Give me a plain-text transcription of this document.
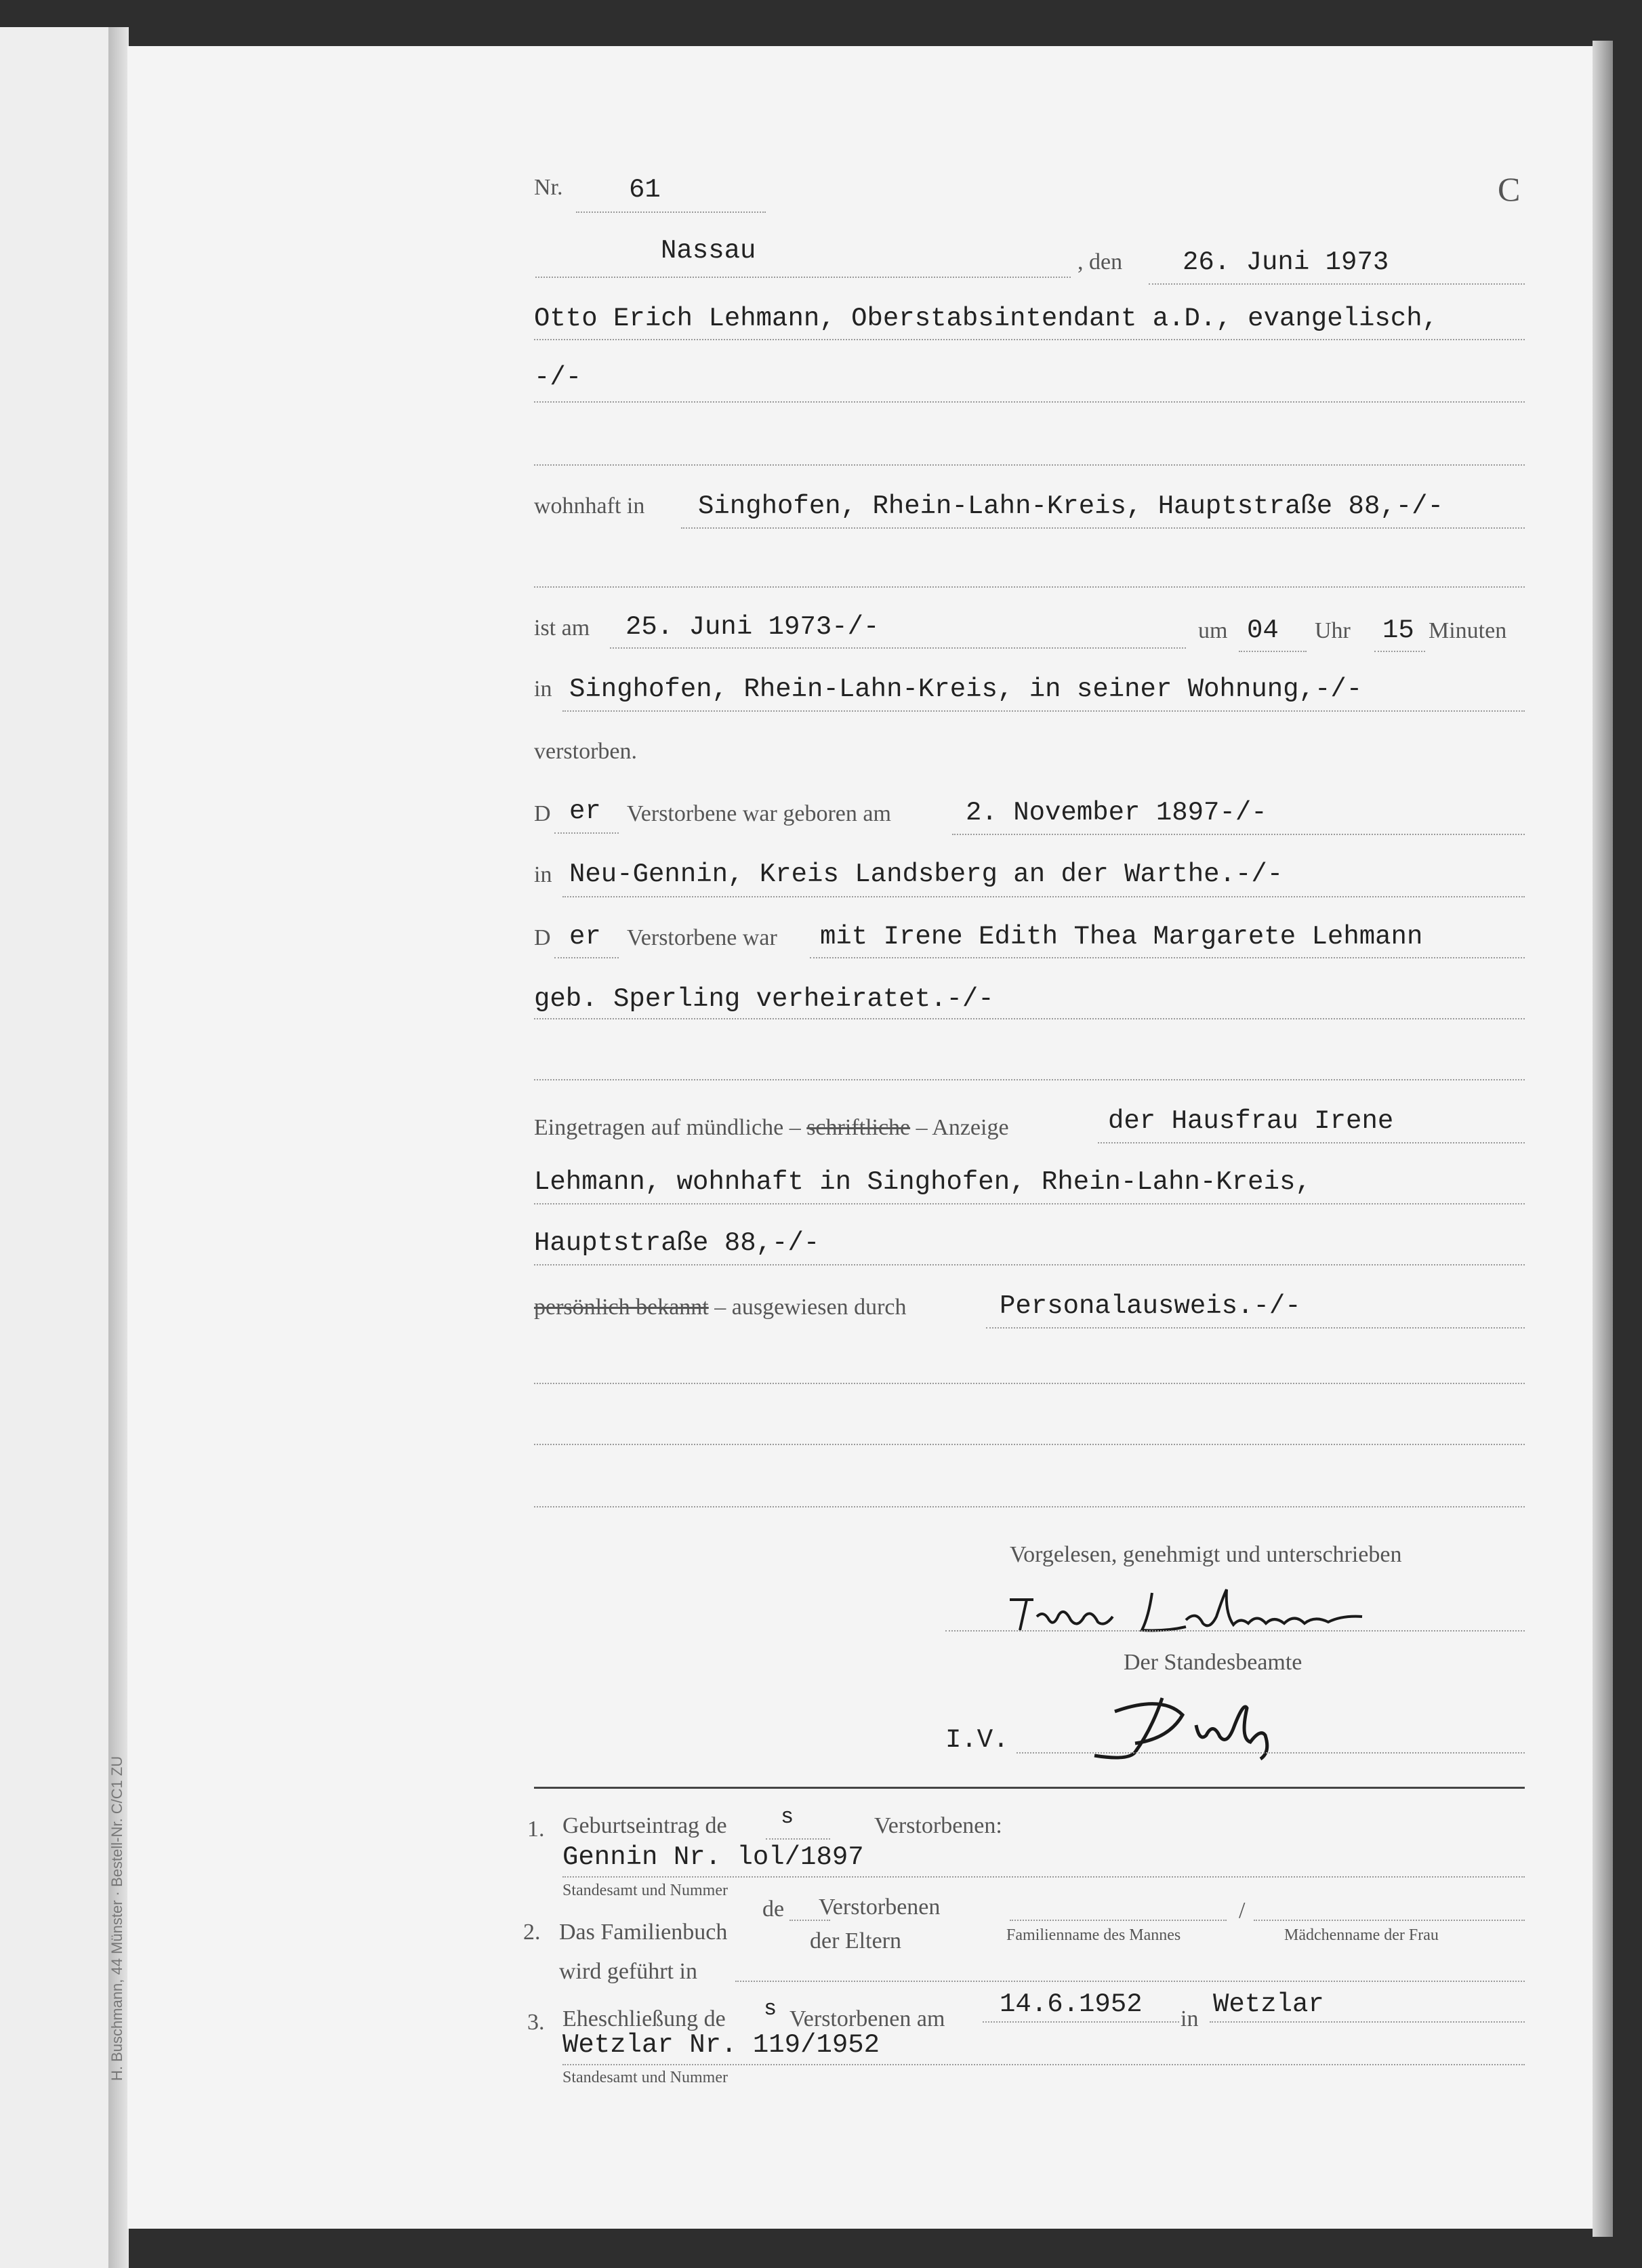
H. Buschmann, 44 Münster · Bestell-Nr. C/C1 ZU
Nr.	61	C
Nassau	, den 26. Juni 1973
Otto Erich Lehmann, Oberstabsintendant a.D., evangelisch,
-/-
wohnhaft in Singhofen, Rhein-Lahn-Kreis, Hauptstraße 88,-/-
ist am 25. Juni 1973-/-	um 04 Uhr 15 Minuten
in Singhofen, Rhein-Lahn-Kreis, in seiner Wohnung,-/-
verstorben.
D er Verstorbene war geboren am	2. November 1897-/-
in Neu-Gennin, Kreis Landsberg an der Warthe.-/-
D er Verstorbene war mit Irene Edith Thea Margarete Lehmann
geb. Sperling verheiratet.-/-
Eingetragen auf mündliche – schriftliche – Anzeige	der Hausfrau Irene
Lehmann, wohnhaft in Singhofen, Rhein-Lahn-Kreis,
Hauptstraße 88,-/-
persönlich bekannt – ausgewiesen durch	Personalausweis.-/-
Vorgelesen, genehmigt und unterschrieben
Der Standesbeamte
I.V.
1. Geburtseintrag de s	Verstorbenen:
Gennin Nr. lol/1897
Standesamt und Nummer
2. Das Familienbuch
de Verstorbenen
der Eltern	Familienname des Mannes
/
Mädchenname der Frau
wird geführt in
3. Eheschließung de s Verstorbenen am 14.6.1952 in Wetzlar
Wetzlar Nr. 119/1952
Standesamt und Nummer
